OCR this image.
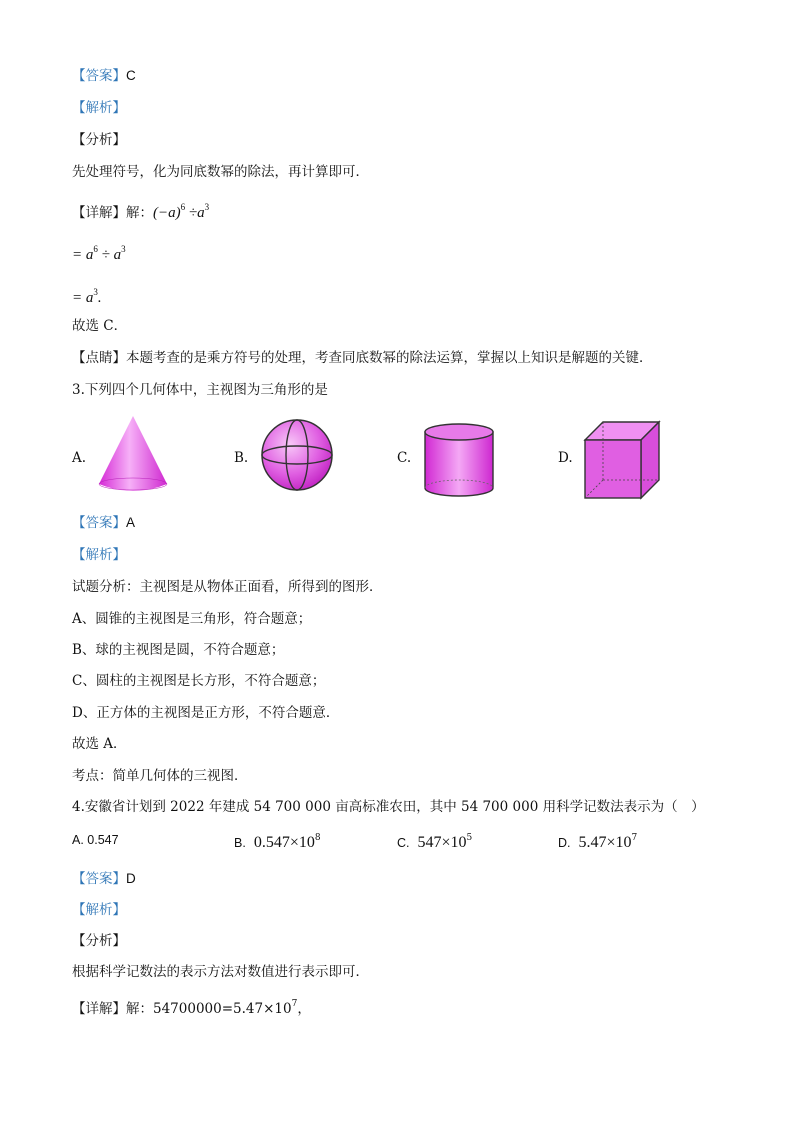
【答案】C
【解析】
【分析】
先处理符号，化为同底数幂的除法，再计算即可．
【详解】解：$(-a)^6 \div a^3$
= $a^6 \div a^3$
= $a^3$.
故选 C．
【点睛】本题考查的是乘方符号的处理，考查同底数幂的除法运算，掌握以上知识是解题的关键．
3.下列四个几何体中，主视图为三角形的是
A.	B.	C.	D.
【答案】A
【解析】
试题分析：主视图是从物体正面看，所得到的图形．
A、圆锥的主视图是三角形，符合题意；
B、球的主视图是圆，不符合题意；
C、圆柱的主视图是长方形，不符合题意；
D、正方体的主视图是正方形，不符合题意．
故选 A．
考点：简单几何体的三视图．
4.安徽省计划到 2022 年建成 54 700 000 亩高标准农田，其中 54 700 000 用科学记数法表示为（　）
A. 0.547	B. $0.547\times 10^8$	C. $547\times 10^5$	D. $5.47\times 10^7$
【答案】D
【解析】
【分析】
根据科学记数法的表示方法对数值进行表示即可．
【详解】解：$54700000=5.47\times 10^7$，
